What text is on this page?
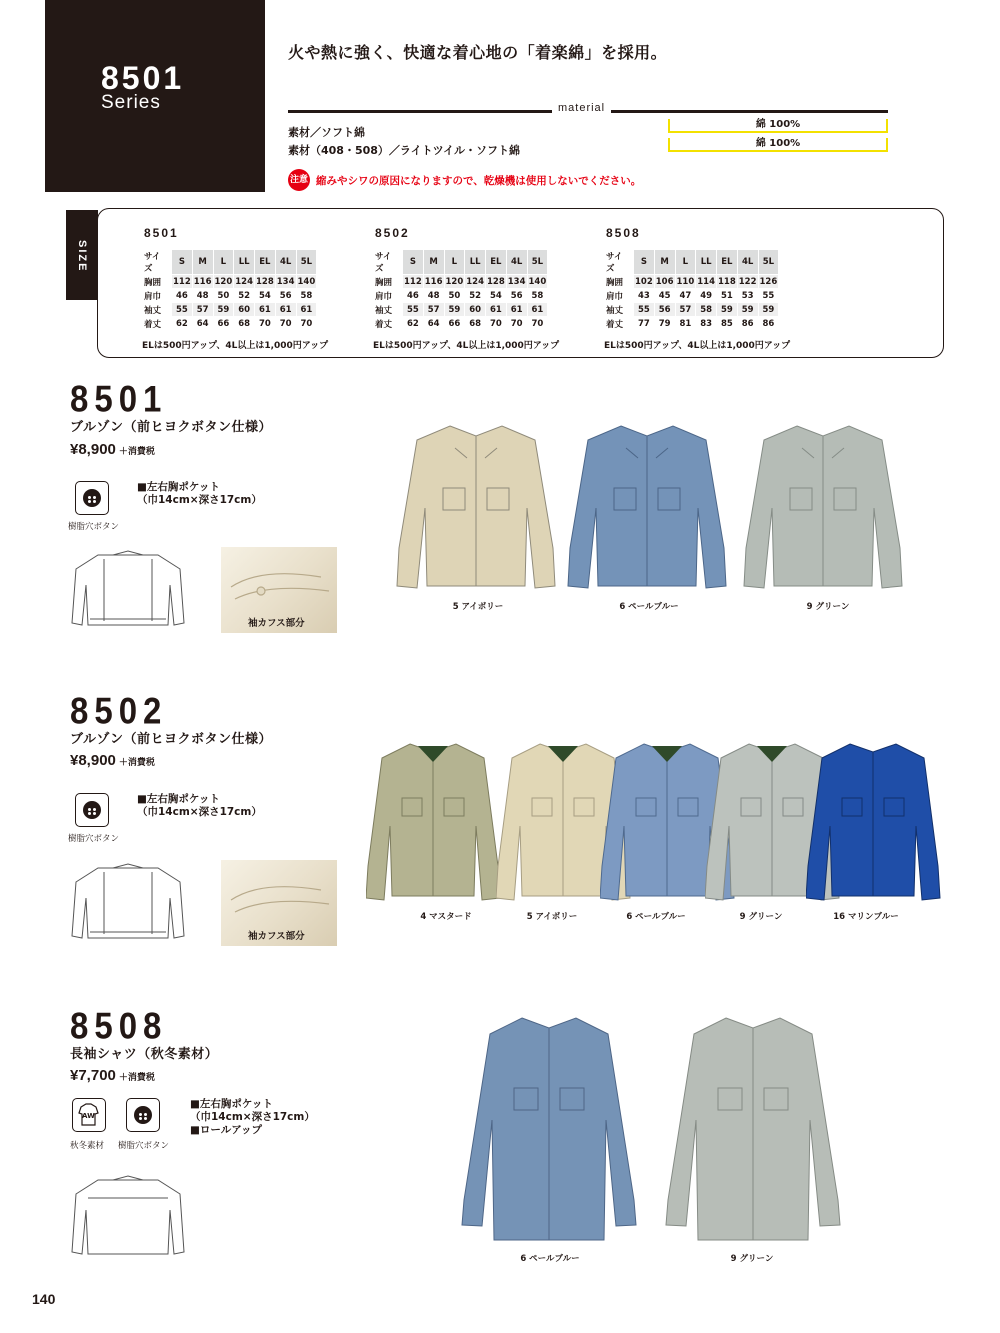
8501
Series
火や熱に強く、快適な着心地の「着楽綿」を採用。
material
素材／ソフト綿
綿 100%
素材（408・508）／ライトツイル・ソフト綿
綿 100%
注意 縮みやシワの原因になりますので、乾燥機は使用しないでください。
SIZE
8501
サイズ	S	M	L	LL	EL	4L	5L
胸囲	112	116	120	124	128	134	140
肩巾	46	48	50	52	54	56	58
袖丈	55	57	59	60	61	61	61
着丈	62	64	66	68	70	70	70
ELは500円アップ、4L以上は1,000円アップ
8502
サイズ	S	M	L	LL	EL	4L	5L
胸囲	112	116	120	124	128	134	140
肩巾	46	48	50	52	54	56	58
袖丈	55	57	59	60	61	61	61
着丈	62	64	66	68	70	70	70
ELは500円アップ、4L以上は1,000円アップ
8508
サイズ	S	M	L	LL	EL	4L	5L
胸囲	102	106	110	114	118	122	126
肩巾	43	45	47	49	51	53	55
袖丈	55	56	57	58	59	59	59
着丈	77	79	81	83	85	86	86
ELは500円アップ、4L以上は1,000円アップ
8501
ブルゾン（前ヒヨクボタン仕様）
¥8,900 ＋消費税
樹脂穴ボタン
■左右胸ポケット
（巾14cm×深さ17cm）
袖カフス部分
5 アイボリー	6 ペールブルー	9 グリーン
8502
ブルゾン（前ヒヨクボタン仕様）
¥8,900 ＋消費税
樹脂穴ボタン
■左右胸ポケット
（巾14cm×深さ17cm）
袖カフス部分
4 マスタード	5 アイボリー	6 ペールブルー	9 グリーン	16 マリンブルー
8508
長袖シャツ（秋冬素材）
¥7,700 ＋消費税
AW
秋冬素材 樹脂穴ボタン
■左右胸ポケット
（巾14cm×深さ17cm）
■ロールアップ
6 ペールブルー	9 グリーン
140
